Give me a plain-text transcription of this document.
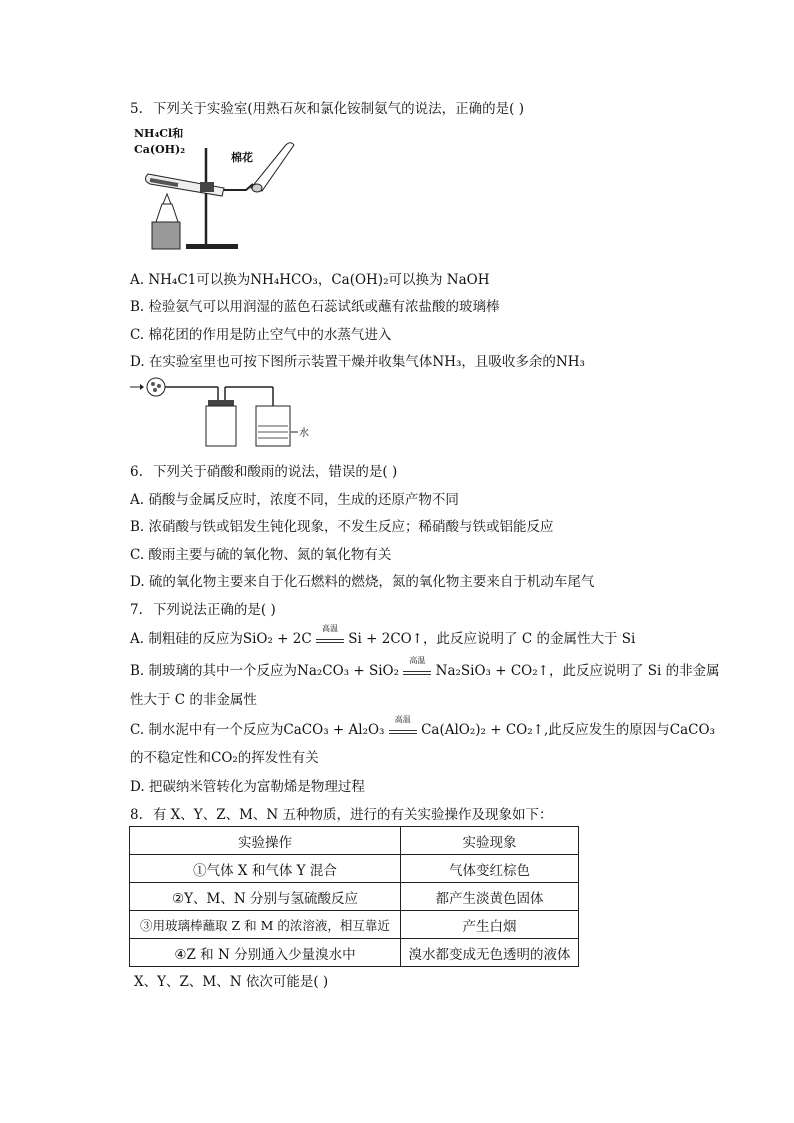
5. 下列关于实验室(用熟石灰和氯化铵制氨气的说法，正确的是( )
NH₄Cl和
Ca(OH)₂
棉花
A. NH₄C1可以换为NH₄HCO₃，Ca(OH)₂可以换为 NaOH
B. 检验氨气可以用润湿的蓝色石蕊试纸或蘸有浓盐酸的玻璃棒
C. 棉花团的作用是防止空气中的水蒸气进入
D. 在实验室里也可按下图所示装置干燥并收集气体NH₃，且吸收多余的NH₃
水
6. 下列关于硝酸和酸雨的说法，错误的是( )
A. 硝酸与金属反应时，浓度不同，生成的还原产物不同
B. 浓硝酸与铁或铝发生钝化现象，不发生反应；稀硝酸与铁或铝能反应
C. 酸雨主要与硫的氧化物、氮的氧化物有关
D. 硫的氧化物主要来自于化石燃料的燃烧，氮的氧化物主要来自于机动车尾气
7. 下列说法正确的是( )
A. 制粗硅的反应为SiO₂ + 2C
高温
Si + 2CO↑，此反应说明了 C 的金属性大于 Si
B. 制玻璃的其中一个反应为Na₂CO₃ + SiO₂
高温
Na₂SiO₃ + CO₂↑，此反应说明了 Si 的非金属
性大于 C 的非金属性
C. 制水泥中有一个反应为CaCO₃ + Al₂O₃
高温
Ca(AlO₂)₂ + CO₂↑,此反应发生的原因与CaCO₃
的不稳定性和CO₂的挥发性有关
D. 把碳纳米管转化为富勒烯是物理过程
8. 有 X、Y、Z、M、N 五种物质，进行的有关实验操作及现象如下：
实验操作	实验现象
①气体 X 和气体 Y 混合	气体变红棕色
②Y、M、N 分别与氢硫酸反应	都产生淡黄色固体
③用玻璃棒蘸取 Z 和 M 的浓溶液，相互靠近	产生白烟
④Z 和 N 分别通入少量溴水中	溴水都变成无色透明的液体
X、Y、Z、M、N 依次可能是( )
